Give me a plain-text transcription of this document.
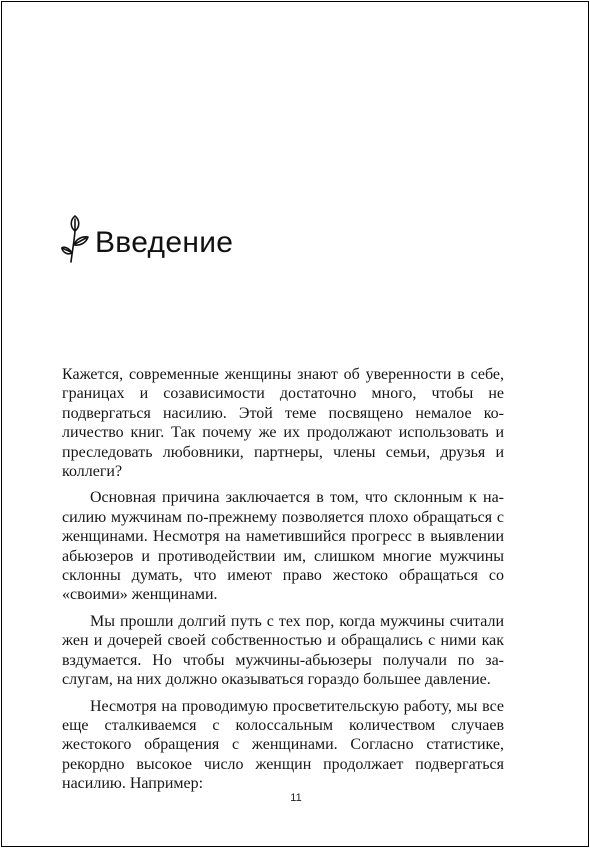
Введение

Кажется, современные женщины знают об уверенности в себе, границах и созависимости достаточно много, чтобы не подвергаться насилию. Этой теме посвящено немалое количество книг. Так почему же их продолжают использовать и преследовать любовники, партнеры, члены семьи, друзья и коллеги?

Основная причина заключается в том, что склонным к насилию мужчинам по-прежнему позволяется плохо обращаться с женщинами. Несмотря на наметившийся прогресс в выявлении абьюзеров и противодействии им, слишком многие мужчины склонны думать, что имеют право жестоко обращаться со «своими» женщинами.

Мы прошли долгий путь с тех пор, когда мужчины считали жен и дочерей своей собственностью и обращались с ними как вздумается. Но чтобы мужчины-абьюзеры получали по заслугам, на них должно оказываться гораздо большее давление.

Несмотря на проводимую просветительскую работу, мы все еще сталкиваемся с колоссальным количеством случаев жестокого обращения с женщинами. Согласно статистике, рекордно высокое число женщин продолжает подвергаться насилию. Например:

11
